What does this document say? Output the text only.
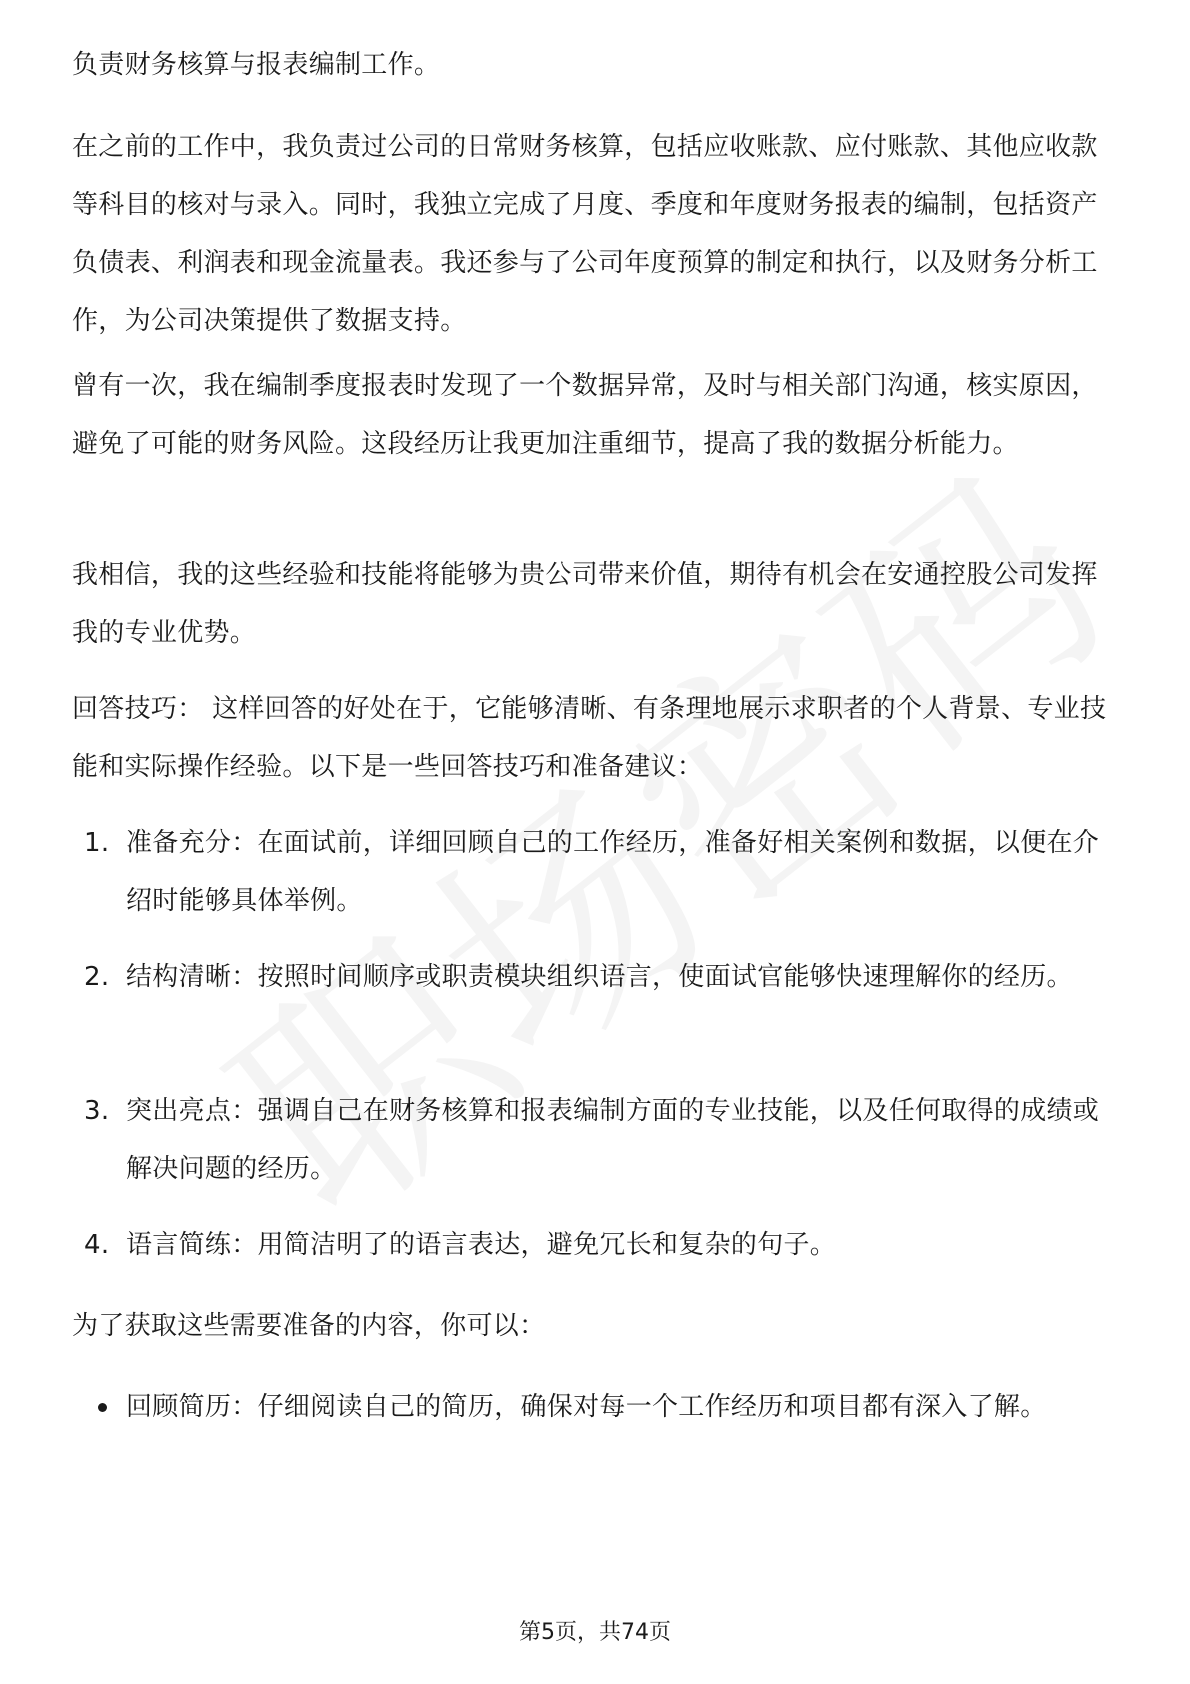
负责财务核算与报表编制工作。

在之前的工作中，我负责过公司的日常财务核算，包括应收账款、应付账款、其他应收款等科目的核对与录入。同时，我独立完成了月度、季度和年度财务报表的编制，包括资产负债表、利润表和现金流量表。我还参与了公司年度预算的制定和执行，以及财务分析工作，为公司决策提供了数据支持。

曾有一次，我在编制季度报表时发现了一个数据异常，及时与相关部门沟通，核实原因，避免了可能的财务风险。这段经历让我更加注重细节，提高了我的数据分析能力。

我相信，我的这些经验和技能将能够为贵公司带来价值，期待有机会在安通控股公司发挥我的专业优势。

回答技巧： 这样回答的好处在于，它能够清晰、有条理地展示求职者的个人背景、专业技能和实际操作经验。以下是一些回答技巧和准备建议：

1. 准备充分：在面试前，详细回顾自己的工作经历，准备好相关案例和数据，以便在介绍时能够具体举例。
2. 结构清晰：按照时间顺序或职责模块组织语言，使面试官能够快速理解你的经历。
3. 突出亮点：强调自己在财务核算和报表编制方面的专业技能，以及任何取得的成绩或解决问题的经历。
4. 语言简练：用简洁明了的语言表达，避免冗长和复杂的句子。

为了获取这些需要准备的内容，你可以：

回顾简历：仔细阅读自己的简历，确保对每一个工作经历和项目都有深入了解。
第5页，共74页
